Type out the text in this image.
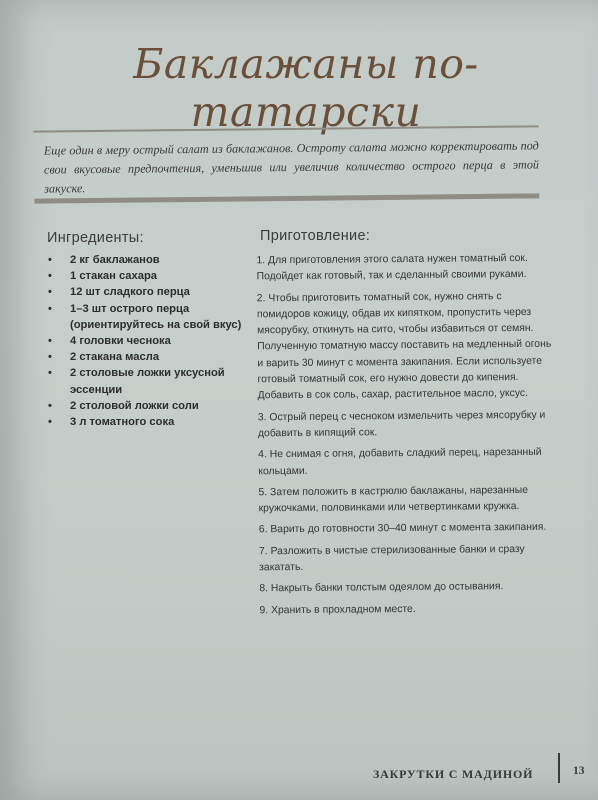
Баклажаны по-татарски
Еще один в меру острый салат из баклажанов. Остроту салата можно корректировать под свои вкусовые предпочтения, уменьшив или увеличив количество острого перца в этой закуске.
Ингредиенты:
• 2 кг баклажанов
• 1 стакан сахара
• 12 шт сладкого перца
• 1–3 шт острого перца (ориентируйтесь на свой вкус)
• 4 головки чеснока
• 2 стакана масла
• 2 столовые ложки уксусной эссенции
• 2 столовой ложки соли
• 3 л томатного сока
Приготовление:

1. Для приготовления этого салата нужен томатный сок. Подойдет как готовый, так и сделанный своими руками.

2. Чтобы приготовить томатный сок, нужно снять с помидоров кожицу, обдав их кипятком, пропустить через мясорубку, откинуть на сито, чтобы избавиться от семян. Полученную томатную массу поставить на медленный огонь и варить 30 минут с момента закипания. Если используете готовый томатный сок, его нужно довести до кипения. Добавить в сок соль, сахар, растительное масло, уксус.

3. Острый перец с чесноком измельчить через мясорубку и добавить в кипящий сок.

4. Не снимая с огня, добавить сладкий перец, нарезанный кольцами.

5. Затем положить в кастрюлю баклажаны, нарезанные кружочками, половинками или четвертинками кружка.

6. Варить до готовности 30–40 минут с момента закипания.

7. Разложить в чистые стерилизованные банки и сразу закатать.

8. Накрыть банки толстым одеялом до остывания.

9. Хранить в прохладном месте.

ЗАКРУТКИ С МАДИНОЙ	13
